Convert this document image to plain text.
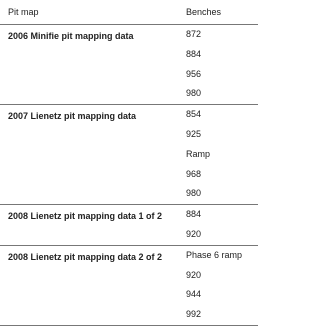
Pit map	Benches
2006 Minifie pit mapping data	872
884
956
980

2007 Lienetz pit mapping data	854
925
Ramp
968
980

2008 Lienetz pit mapping data 1 of 2	884
920

2008 Lienetz pit mapping data 2 of 2	Phase 6 ramp
920
944
992
